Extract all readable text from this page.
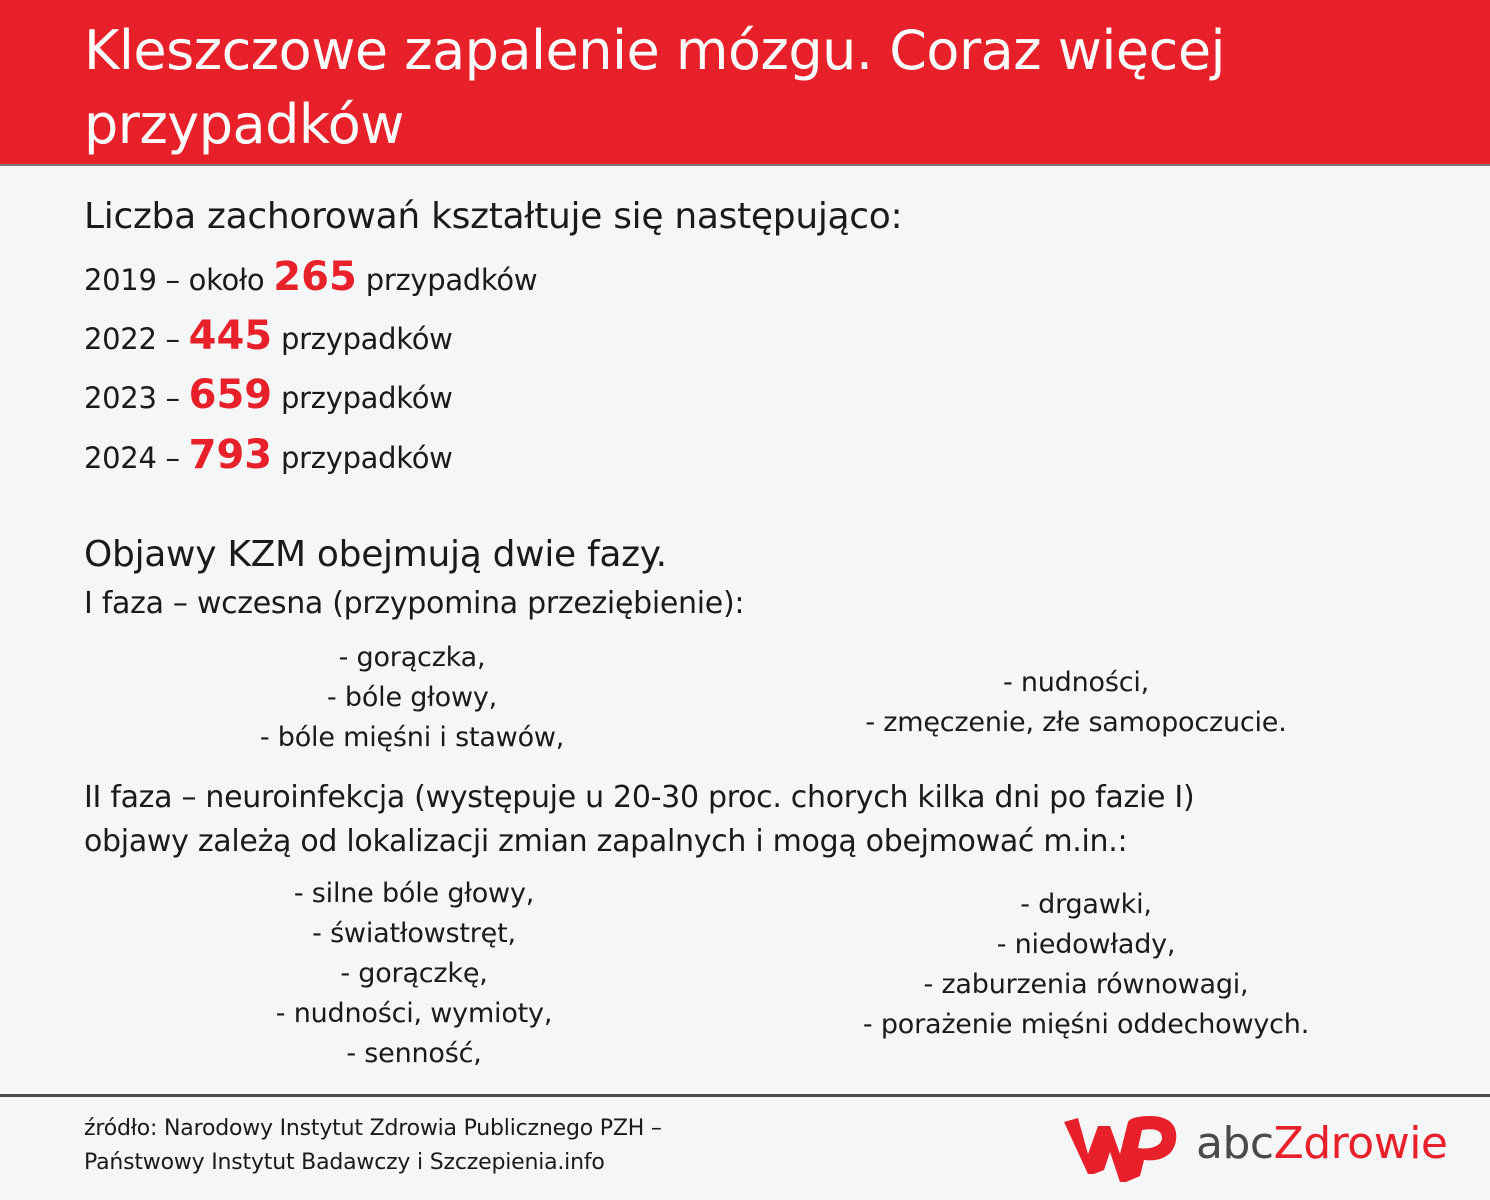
Kleszczowe zapalenie mózgu. Coraz więcej przypadków
Liczba zachorowań kształtuje się następująco:
2019 – około 265 przypadków
2022 – 445 przypadków
2023 – 659 przypadków
2024 – 793 przypadków
Objawy KZM obejmują dwie fazy.
I faza – wczesna (przypomina przeziębienie):
- gorączka,
- bóle głowy,
- bóle mięśni i stawów,
- nudności,
- zmęczenie, złe samopoczucie.
II faza – neuroinfekcja (występuje u 20-30 proc. chorych kilka dni po fazie I)
objawy zależą od lokalizacji zmian zapalnych i mogą obejmować m.in.:
- silne bóle głowy,
- światłowstręt,
- gorączkę,
- nudności, wymioty,
- senność,
- drgawki,
- niedowłady,
- zaburzenia równowagi,
- porażenie mięśni oddechowych.
źródło: Narodowy Instytut Zdrowia Publicznego PZH –
Państwowy Instytut Badawczy i Szczepienia.info	abcZdrowie
